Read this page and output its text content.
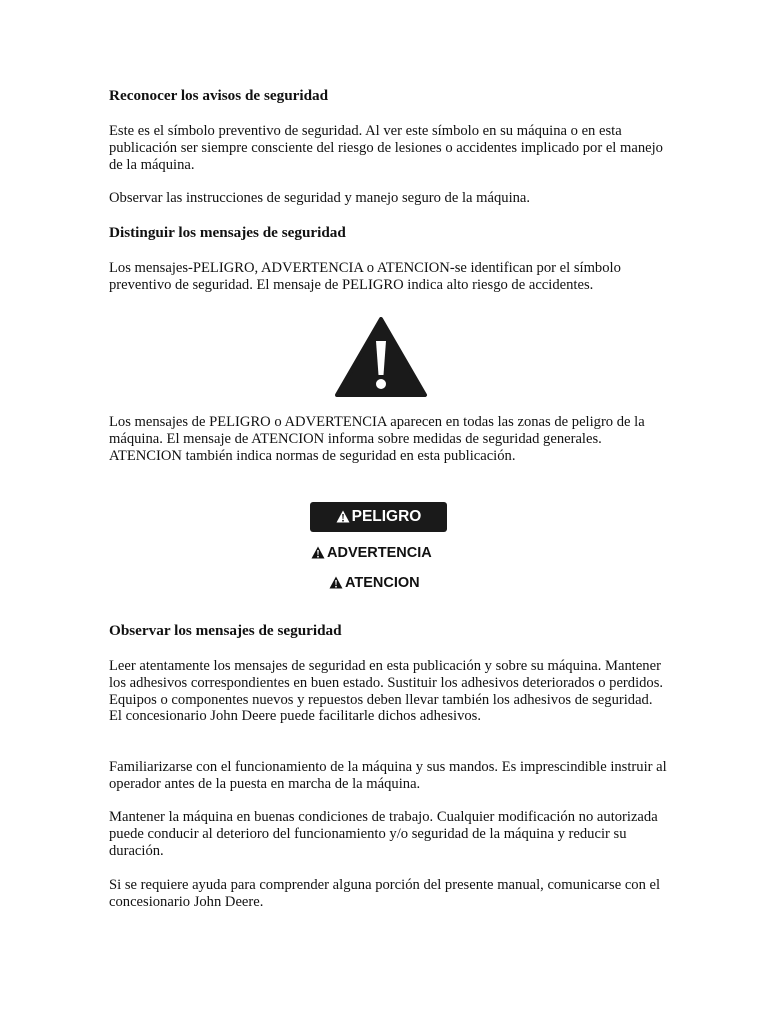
Reconocer los avisos de seguridad

Este es el símbolo preventivo de seguridad. Al ver este símbolo en su máquina o en esta publicación ser siempre consciente del riesgo de lesiones o accidentes implicado por el manejo de la máquina.

Observar las instrucciones de seguridad y manejo seguro de la máquina.

Distinguir los mensajes de seguridad

Los mensajes-PELIGRO, ADVERTENCIA o ATENCION-se identifican por el símbolo preventivo de seguridad. El mensaje de PELIGRO indica alto riesgo de accidentes.

Los mensajes de PELIGRO o ADVERTENCIA aparecen en todas las zonas de peligro de la máquina. El mensaje de ATENCION informa sobre medidas de seguridad generales. ATENCION también indica normas de seguridad en esta publicación.

PELIGRO
ADVERTENCIA
ATENCION
Observar los mensajes de seguridad

Leer atentamente los mensajes de seguridad en esta publicación y sobre su máquina. Mantener los adhesivos correspondientes en buen estado. Sustituir los adhesivos deteriorados o perdidos. Equipos o componentes nuevos y repuestos deben llevar también los adhesivos de seguridad. El concesionario John Deere puede facilitarle dichos adhesivos.

Familiarizarse con el funcionamiento de la máquina y sus mandos. Es imprescindible instruir al operador antes de la puesta en marcha de la máquina.

Mantener la máquina en buenas condiciones de trabajo. Cualquier modificación no autorizada puede conducir al deterioro del funcionamiento y/o seguridad de la máquina y reducir su duración.

Si se requiere ayuda para comprender alguna porción del presente manual, comunicarse con el concesionario John Deere.
